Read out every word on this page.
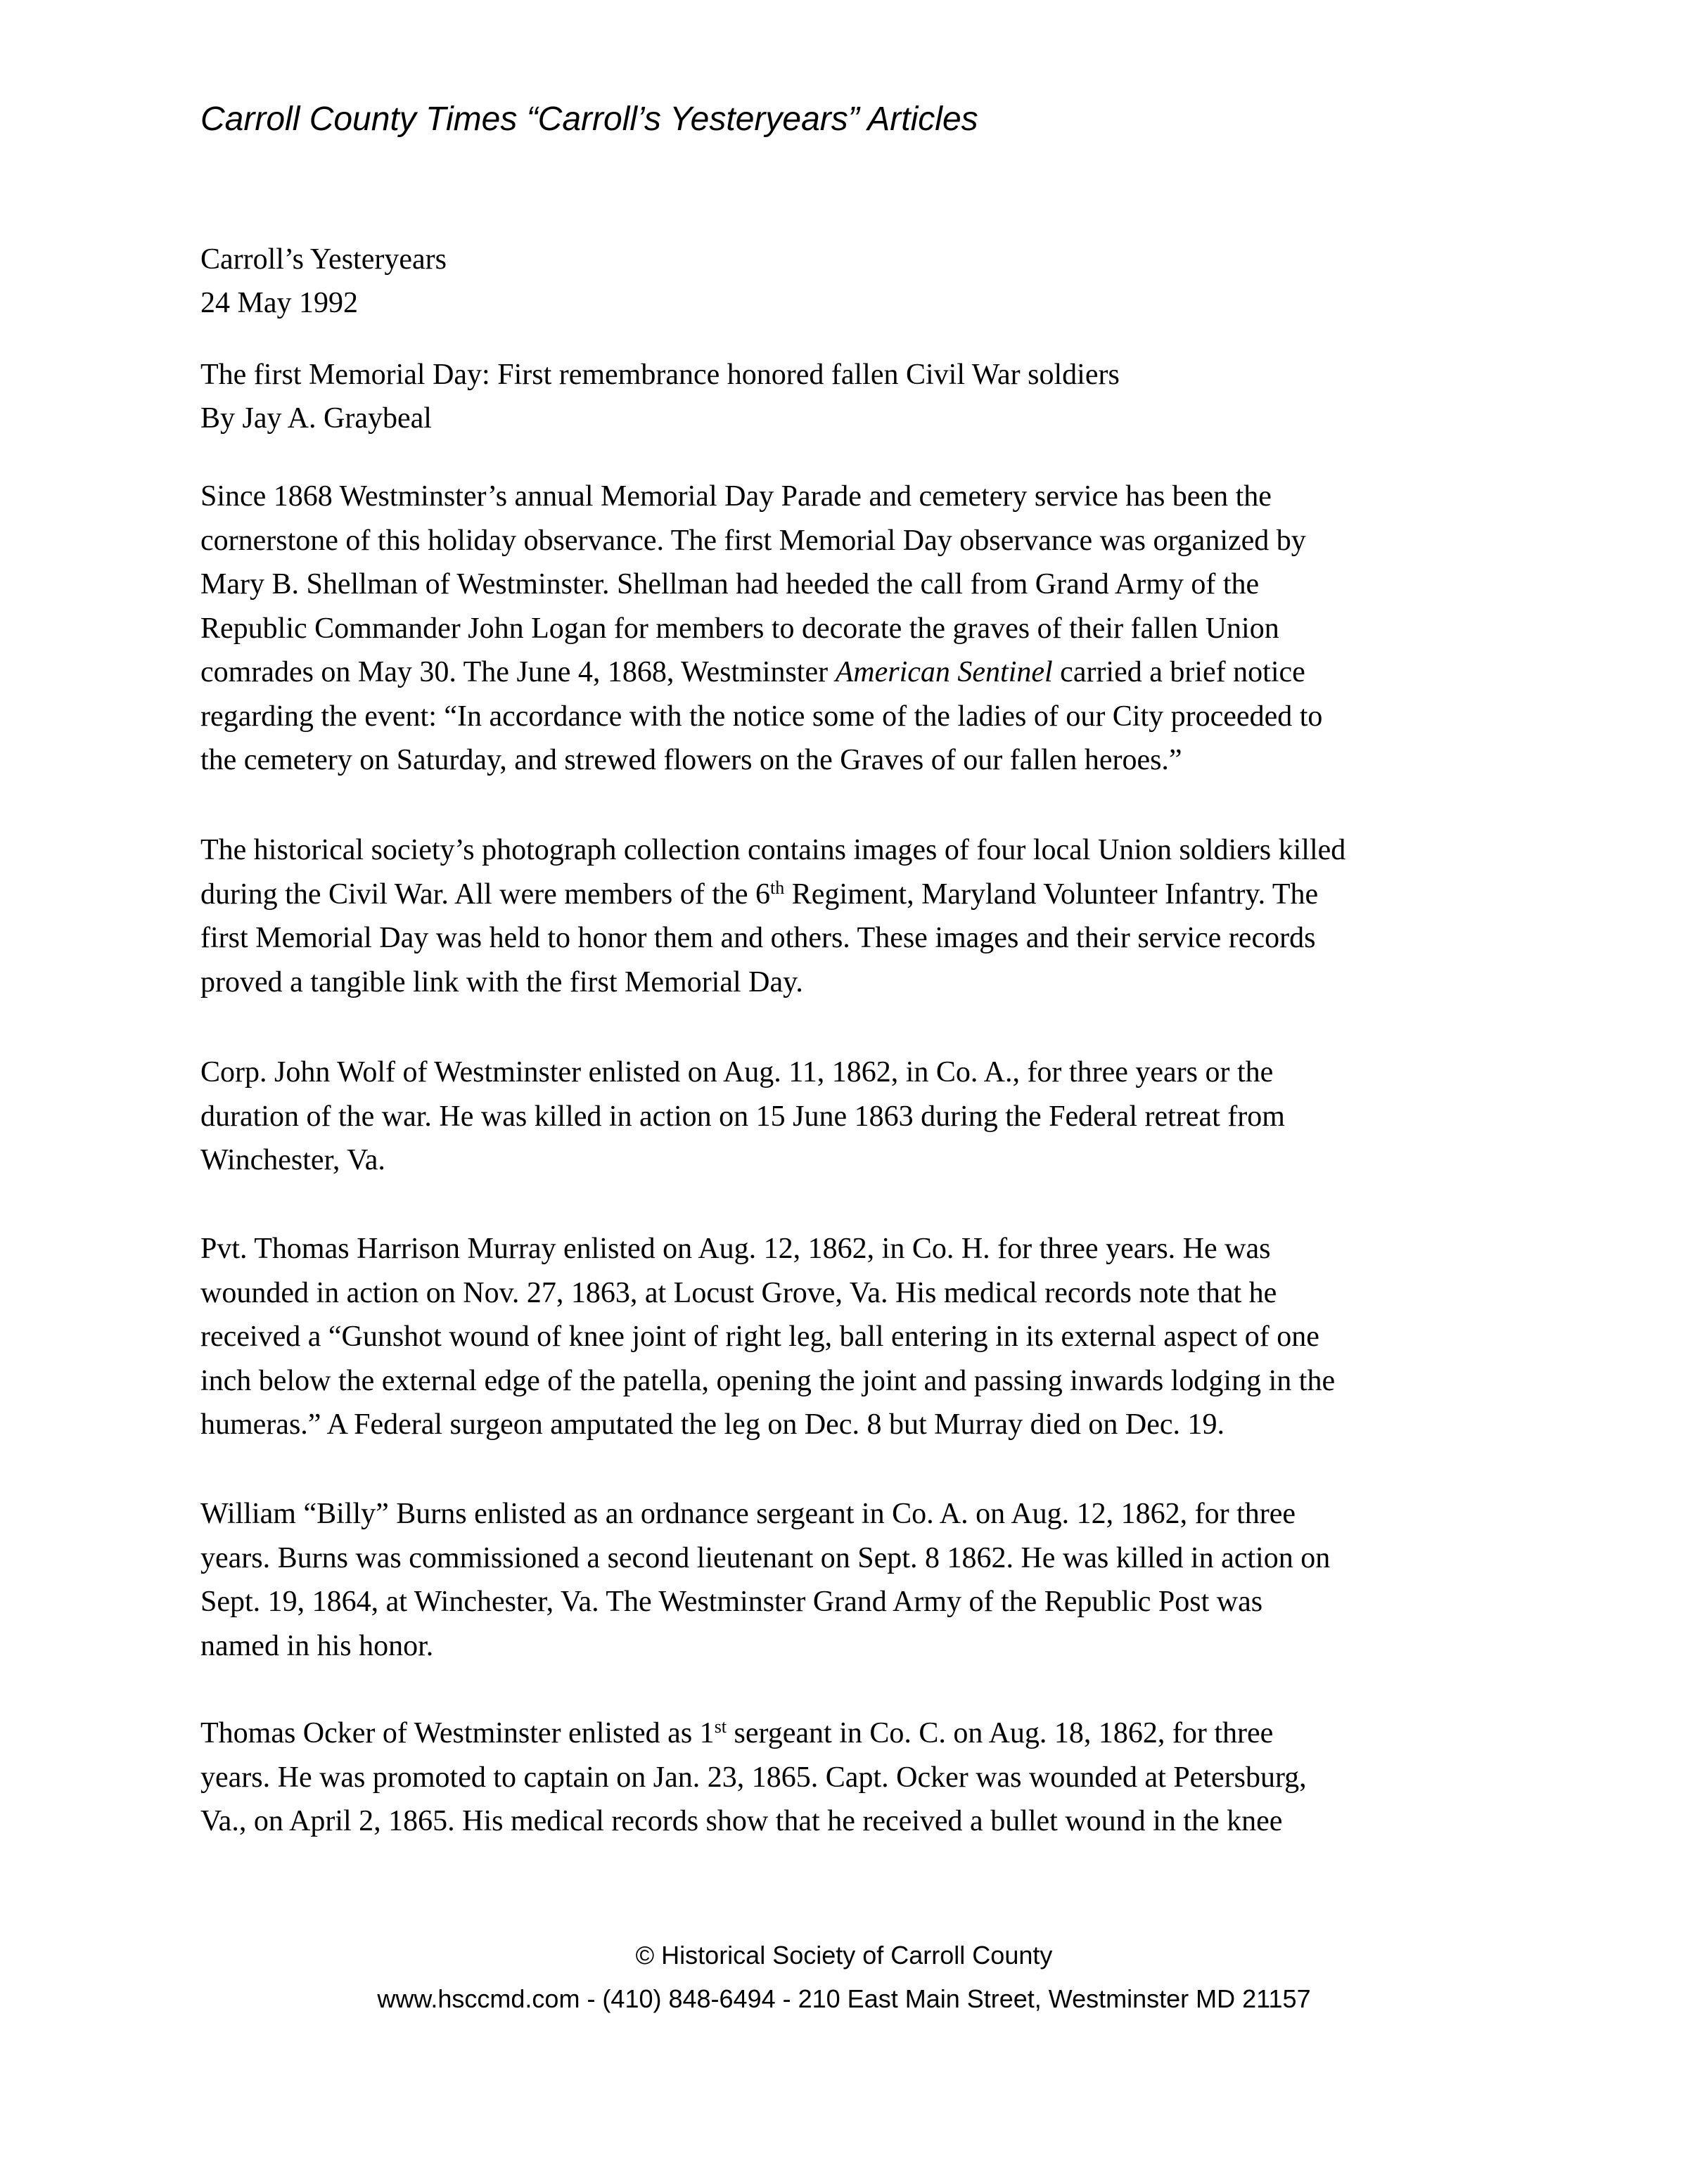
Carroll County Times “Carroll’s Yesteryears” Articles
Carroll’s Yesteryears
24 May 1992
The first Memorial Day: First remembrance honored fallen Civil War soldiers
By Jay A. Graybeal
Since 1868 Westminster’s annual Memorial Day Parade and cemetery service has been the
cornerstone of this holiday observance. The first Memorial Day observance was organized by
Mary B. Shellman of Westminster. Shellman had heeded the call from Grand Army of the
Republic Commander John Logan for members to decorate the graves of their fallen Union
comrades on May 30. The June 4, 1868, Westminster American Sentinel carried a brief notice
regarding the event: “In accordance with the notice some of the ladies of our City proceeded to
the cemetery on Saturday, and strewed flowers on the Graves of our fallen heroes.”
The historical society’s photograph collection contains images of four local Union soldiers killed
during the Civil War. All were members of the 6th Regiment, Maryland Volunteer Infantry. The
first Memorial Day was held to honor them and others. These images and their service records
proved a tangible link with the first Memorial Day.
Corp. John Wolf of Westminster enlisted on Aug. 11, 1862, in Co. A., for three years or the
duration of the war. He was killed in action on 15 June 1863 during the Federal retreat from
Winchester, Va.
Pvt. Thomas Harrison Murray enlisted on Aug. 12, 1862, in Co. H. for three years. He was
wounded in action on Nov. 27, 1863, at Locust Grove, Va. His medical records note that he
received a “Gunshot wound of knee joint of right leg, ball entering in its external aspect of one
inch below the external edge of the patella, opening the joint and passing inwards lodging in the
humeras.” A Federal surgeon amputated the leg on Dec. 8 but Murray died on Dec. 19.
William “Billy” Burns enlisted as an ordnance sergeant in Co. A. on Aug. 12, 1862, for three
years. Burns was commissioned a second lieutenant on Sept. 8 1862. He was killed in action on
Sept. 19, 1864, at Winchester, Va. The Westminster Grand Army of the Republic Post was
named in his honor.
Thomas Ocker of Westminster enlisted as 1st sergeant in Co. C. on Aug. 18, 1862, for three
years. He was promoted to captain on Jan. 23, 1865. Capt. Ocker was wounded at Petersburg,
Va., on April 2, 1865. His medical records show that he received a bullet wound in the knee
© Historical Society of Carroll County
www.hsccmd.com - (410) 848-6494 - 210 East Main Street, Westminster MD 21157
